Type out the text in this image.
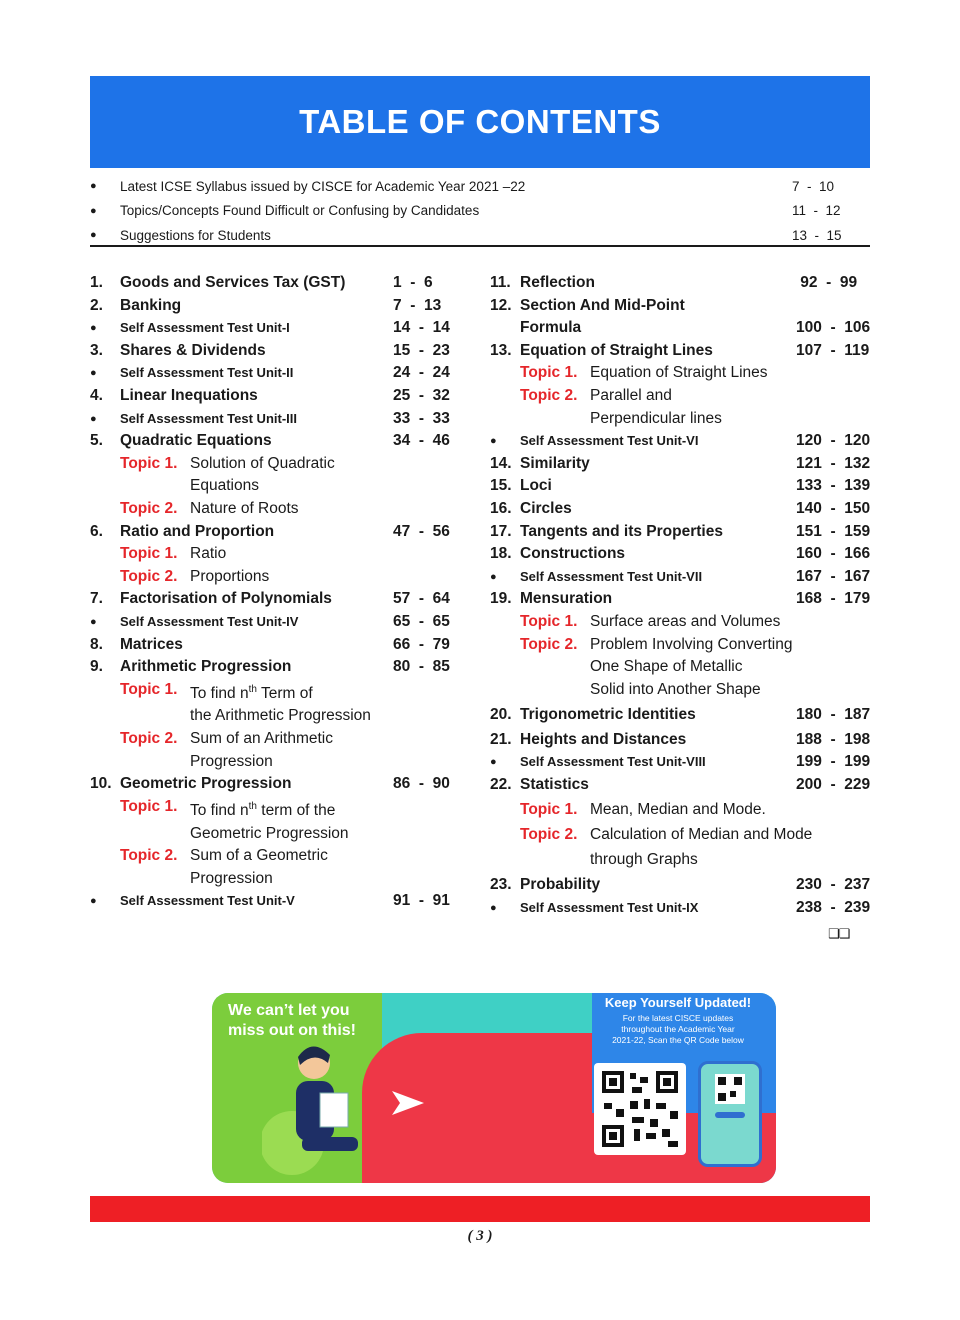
TABLE OF CONTENTS
●	Latest ICSE Syllabus issued by CISCE for Academic Year 2021 –22	7  -  10
●	Topics/Concepts Found Difficult or Confusing by Candidates	11  -  12
●	Suggestions for Students	13  -  15
1.	Goods and Services Tax (GST)	1  -  6
2.	Banking	7  -  13
●	Self Assessment Test Unit-I	14  -  14
3.	Shares & Dividends	15  -  23
●	Self Assessment Test Unit-II	24  -  24
4.	Linear Inequations	25  -  32
●	Self Assessment Test Unit-III	33  -  33
5.	Quadratic Equations	34  -  46
Topic 1. Solution of Quadratic
Equations
Topic 2. Nature of Roots
6.	Ratio and Proportion	47  -  56
Topic 1. Ratio
Topic 2. Proportions
7.	Factorisation of Polynomials	57  -  64
●	Self Assessment Test Unit-IV	65  -  65
8.	Matrices	66  -  79
9.	Arithmetic Progression	80  -  85
Topic 1. To find $n^{th}$ Term of
the Arithmetic Progression
Topic 2. Sum of an Arithmetic
Progression
10. Geometric Progression	86  -  90
Topic 1. To find $n^{th}$ term of the
Geometric Progression
Topic 2. Sum of a Geometric
Progression
●	Self Assessment Test Unit-V	91  -  91
11. Reflection	92  -  99
12. Section And Mid-Point
Formula	100  -  106
13. Equation of Straight Lines	107  -  119
Topic 1. Equation of Straight Lines
Topic 2. Parallel and
Perpendicular lines
●	Self Assessment Test Unit-VI	120  -  120
14. Similarity	121  -  132
15. Loci	133  -  139
16. Circles	140  -  150
17. Tangents and its Properties	151  -  159
18. Constructions	160  -  166
●	Self Assessment Test Unit-VII	167  -  167
19. Mensuration	168  -  179
Topic 1. Surface areas and Volumes
Topic 2. Problem Involving Converting
One Shape of Metallic
Solid into Another Shape
20. Trigonometric Identities	180  -  187
21. Heights and Distances	188  -  198
●	Self Assessment Test Unit-VIII	199  -  199
22. Statistics	200  -  229
Topic 1. Mean, Median and Mode.
Topic 2. Calculation of Median and Mode
through Graphs
23. Probability	230  -  237
●	Self Assessment Test Unit-IX	238  -  239
❑❑
We can’t let you
miss out on this!
Keep Yourself Updated!
For the latest CISCE updates
throughout the Academic Year
2021-22, Scan the QR Code below
( 3 )
